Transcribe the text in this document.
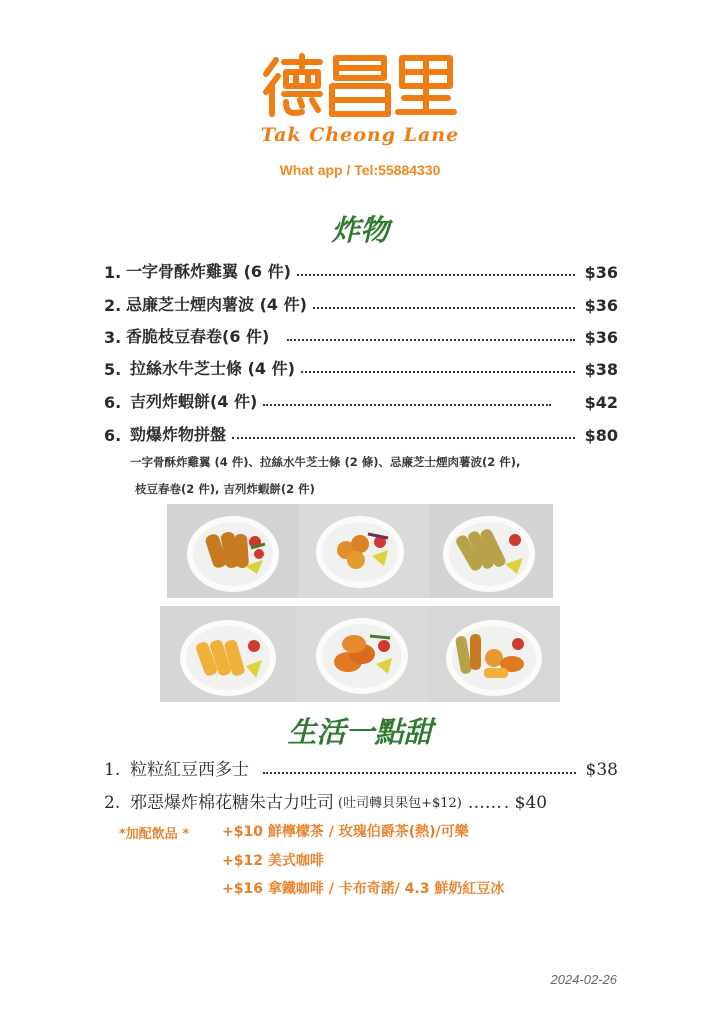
Tak Cheong Lane
What app / Tel:55884330
炸物
1. 一字骨酥炸雞翼 (6 件)	$36
2. 忌廉芝士煙肉薯波 (4 件)	$36
3. 香脆枝豆春卷(6 件)	$36
5. 拉絲水牛芝士條 (4 件)	$38
6. 吉列炸蝦餅(4 件)	$42
6. 勁爆炸物拼盤	$80
一字骨酥炸雞翼 (4 件)、拉絲水牛芝士條 (2 條)、忌廉芝士煙肉薯波(2 件),
枝豆春卷(2 件), 吉列炸蝦餅(2 件)
生活一點甜
1. 粒粒紅豆西多士	$38
2. 邪惡爆炸棉花糖朱古力吐司 (吐司轉貝果包+$12) …… . $40
*加配飲品 * +$10 鮮檸檬茶 / 玫瑰伯爵茶(熱)/可樂
+$12 美式咖啡
+$16 拿鐵咖啡 / 卡布奇諾/ 4.3 鮮奶紅豆冰
2024-02-26
